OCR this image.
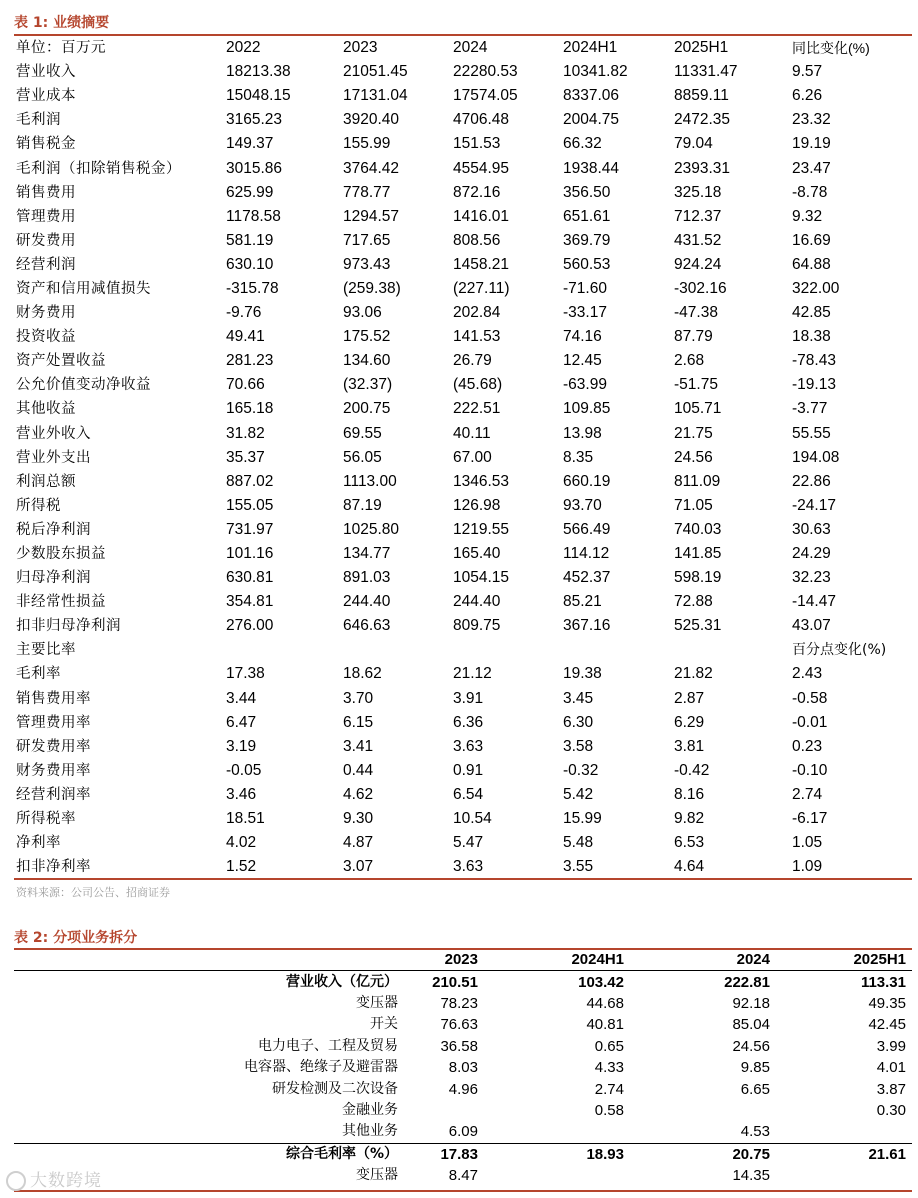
表 1: 业绩摘要
单位：百万元	2022	2023	2024	2024H1	2025H1	同比变化(%)
营业收入	18213.38	21051.45	22280.53	10341.82	11331.47	9.57
营业成本	15048.15	17131.04	17574.05	8337.06	8859.11	6.26
毛利润	3165.23	3920.40	4706.48	2004.75	2472.35	23.32
销售税金	149.37	155.99	151.53	66.32	79.04	19.19
毛利润（扣除销售税金）	3015.86	3764.42	4554.95	1938.44	2393.31	23.47
销售费用	625.99	778.77	872.16	356.50	325.18	-8.78
管理费用	1178.58	1294.57	1416.01	651.61	712.37	9.32
研发费用	581.19	717.65	808.56	369.79	431.52	16.69
经营利润	630.10	973.43	1458.21	560.53	924.24	64.88
资产和信用减值损失	-315.78	(259.38)	(227.11)	-71.60	-302.16	322.00
财务费用	-9.76	93.06	202.84	-33.17	-47.38	42.85
投资收益	49.41	175.52	141.53	74.16	87.79	18.38
资产处置收益	281.23	134.60	26.79	12.45	2.68	-78.43
公允价值变动净收益	70.66	(32.37)	(45.68)	-63.99	-51.75	-19.13
其他收益	165.18	200.75	222.51	109.85	105.71	-3.77
营业外收入	31.82	69.55	40.11	13.98	21.75	55.55
营业外支出	35.37	56.05	67.00	8.35	24.56	194.08
利润总额	887.02	1113.00	1346.53	660.19	811.09	22.86
所得税	155.05	87.19	126.98	93.70	71.05	-24.17
税后净利润	731.97	1025.80	1219.55	566.49	740.03	30.63
少数股东损益	101.16	134.77	165.40	114.12	141.85	24.29
归母净利润	630.81	891.03	1054.15	452.37	598.19	32.23
非经常性损益	354.81	244.40	244.40	85.21	72.88	-14.47
扣非归母净利润	276.00	646.63	809.75	367.16	525.31	43.07
主要比率						百分点变化(%)
毛利率	17.38	18.62	21.12	19.38	21.82	2.43
销售费用率	3.44	3.70	3.91	3.45	2.87	-0.58
管理费用率	6.47	6.15	6.36	6.30	6.29	-0.01
研发费用率	3.19	3.41	3.63	3.58	3.81	0.23
财务费用率	-0.05	0.44	0.91	-0.32	-0.42	-0.10
经营利润率	3.46	4.62	6.54	5.42	8.16	2.74
所得税率	18.51	9.30	10.54	15.99	9.82	-6.17
净利率	4.02	4.87	5.47	5.48	6.53	1.05
扣非净利率	1.52	3.07	3.63	3.55	4.64	1.09
资料来源：公司公告、招商证券
表 2: 分项业务拆分
	2023	2024H1	2024	2025H1
营业收入（亿元）	210.51	103.42	222.81	113.31
变压器	78.23	44.68	92.18	49.35
开关	76.63	40.81	85.04	42.45
电力电子、工程及贸易	36.58	0.65	24.56	3.99
电容器、绝缘子及避雷器	8.03	4.33	9.85	4.01
研发检测及二次设备	4.96	2.74	6.65	3.87
金融业务		0.58		0.30
其他业务	6.09		4.53	
综合毛利率（%）	17.83	18.93	20.75	21.61
变压器	8.47		14.35	
大数跨境
